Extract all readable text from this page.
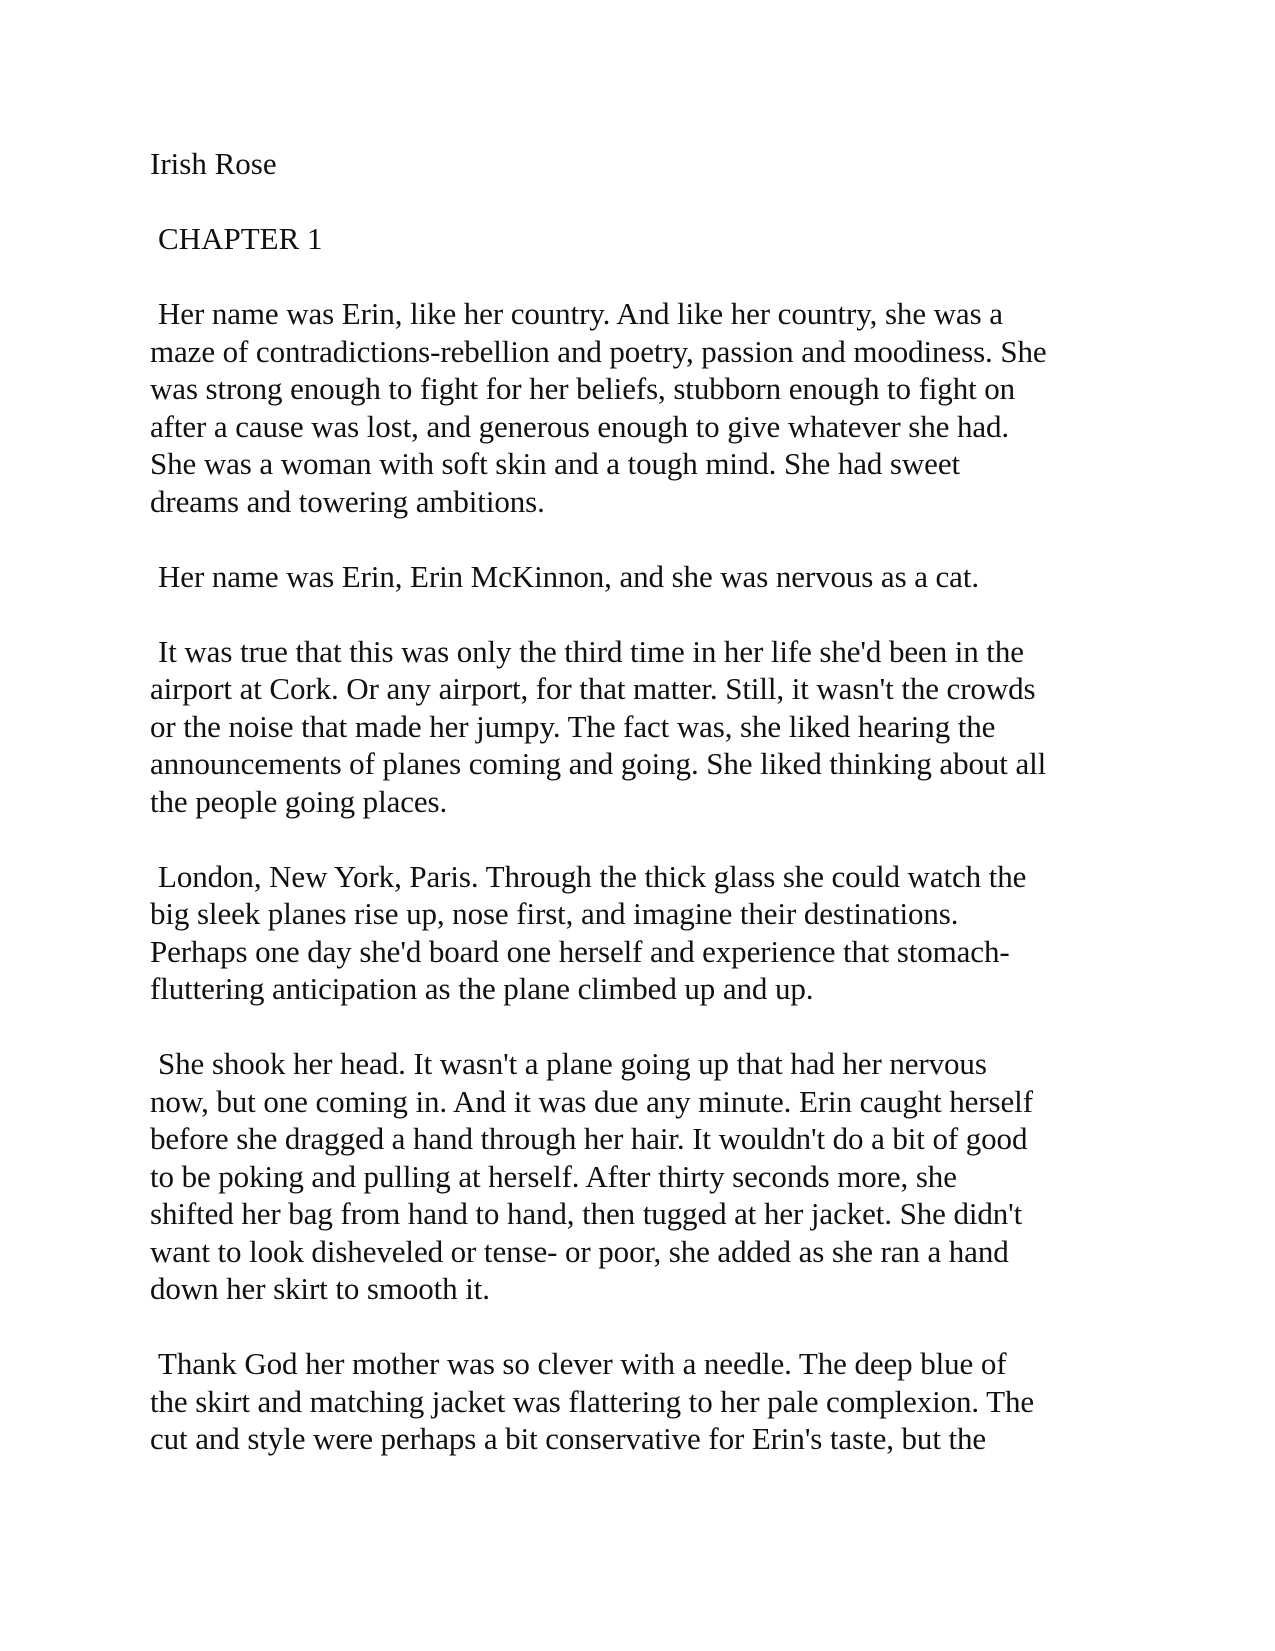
Irish Rose
CHAPTER 1
Her name was Erin, like her country. And like her country, she was a
maze of contradictions-rebellion and poetry, passion and moodiness. She
was strong enough to fight for her beliefs, stubborn enough to fight on
after a cause was lost, and generous enough to give whatever she had.
She was a woman with soft skin and a tough mind. She had sweet
dreams and towering ambitions.
Her name was Erin, Erin McKinnon, and she was nervous as a cat.
It was true that this was only the third time in her life she'd been in the
airport at Cork. Or any airport, for that matter. Still, it wasn't the crowds
or the noise that made her jumpy. The fact was, she liked hearing the
announcements of planes coming and going. She liked thinking about all
the people going places.
London, New York, Paris. Through the thick glass she could watch the
big sleek planes rise up, nose first, and imagine their destinations.
Perhaps one day she'd board one herself and experience that stomach-
fluttering anticipation as the plane climbed up and up.
She shook her head. It wasn't a plane going up that had her nervous
now, but one coming in. And it was due any minute. Erin caught herself
before she dragged a hand through her hair. It wouldn't do a bit of good
to be poking and pulling at herself. After thirty seconds more, she
shifted her bag from hand to hand, then tugged at her jacket. She didn't
want to look disheveled or tense- or poor, she added as she ran a hand
down her skirt to smooth it.
Thank God her mother was so clever with a needle. The deep blue of
the skirt and matching jacket was flattering to her pale complexion. The
cut and style were perhaps a bit conservative for Erin's taste, but the
